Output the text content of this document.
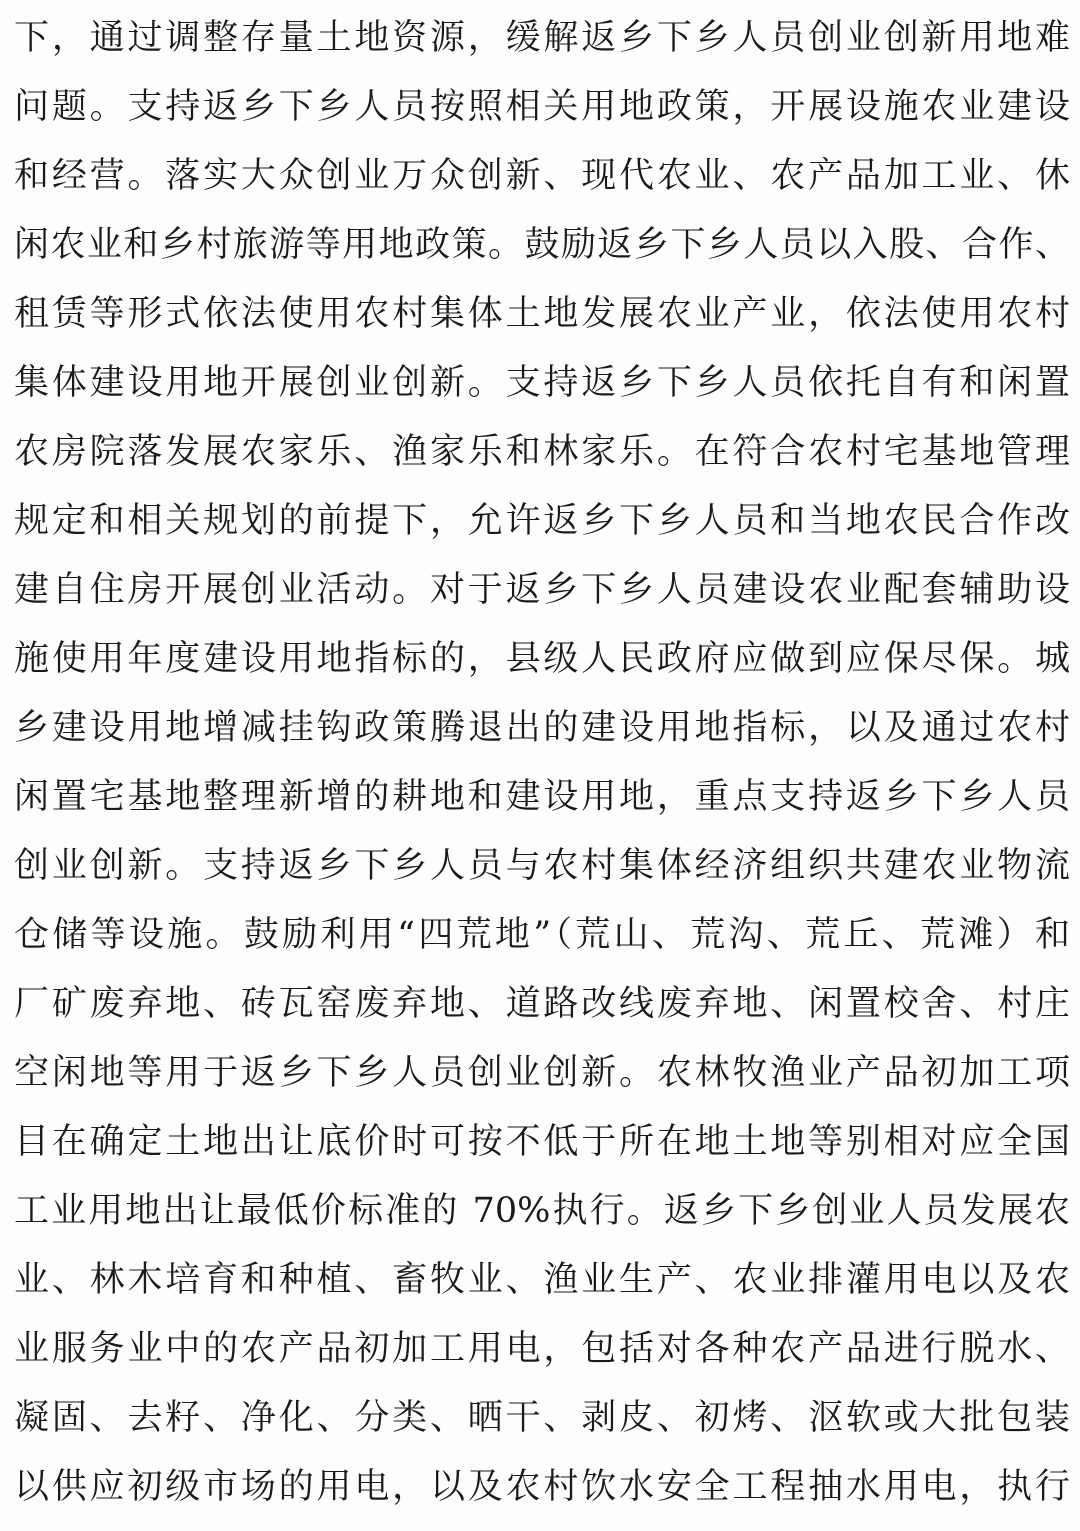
下，通过调整存量土地资源，缓解返乡下乡人员创业创新用地难
问题。支持返乡下乡人员按照相关用地政策，开展设施农业建设
和经营。落实大众创业万众创新、现代农业、农产品加工业、休
闲农业和乡村旅游等用地政策。鼓励返乡下乡人员以入股、合作、
租赁等形式依法使用农村集体土地发展农业产业，依法使用农村
集体建设用地开展创业创新。支持返乡下乡人员依托自有和闲置
农房院落发展农家乐、渔家乐和林家乐。在符合农村宅基地管理
规定和相关规划的前提下，允许返乡下乡人员和当地农民合作改
建自住房开展创业活动。对于返乡下乡人员建设农业配套辅助设
施使用年度建设用地指标的，县级人民政府应做到应保尽保。城
乡建设用地增减挂钩政策腾退出的建设用地指标，以及通过农村
闲置宅基地整理新增的耕地和建设用地，重点支持返乡下乡人员
创业创新。支持返乡下乡人员与农村集体经济组织共建农业物流
仓储等设施。鼓励利用“四荒地”（荒山、荒沟、荒丘、荒滩）和
厂矿废弃地、砖瓦窑废弃地、道路改线废弃地、闲置校舍、村庄
空闲地等用于返乡下乡人员创业创新。农林牧渔业产品初加工项
目在确定土地出让底价时可按不低于所在地土地等别相对应全国
工业用地出让最低价标准的 70%执行。返乡下乡创业人员发展农
业、林木培育和种植、畜牧业、渔业生产、农业排灌用电以及农
业服务业中的农产品初加工用电，包括对各种农产品进行脱水、
凝固、去籽、净化、分类、晒干、剥皮、初烤、沤软或大批包装
以供应初级市场的用电，以及农村饮水安全工程抽水用电，执行
